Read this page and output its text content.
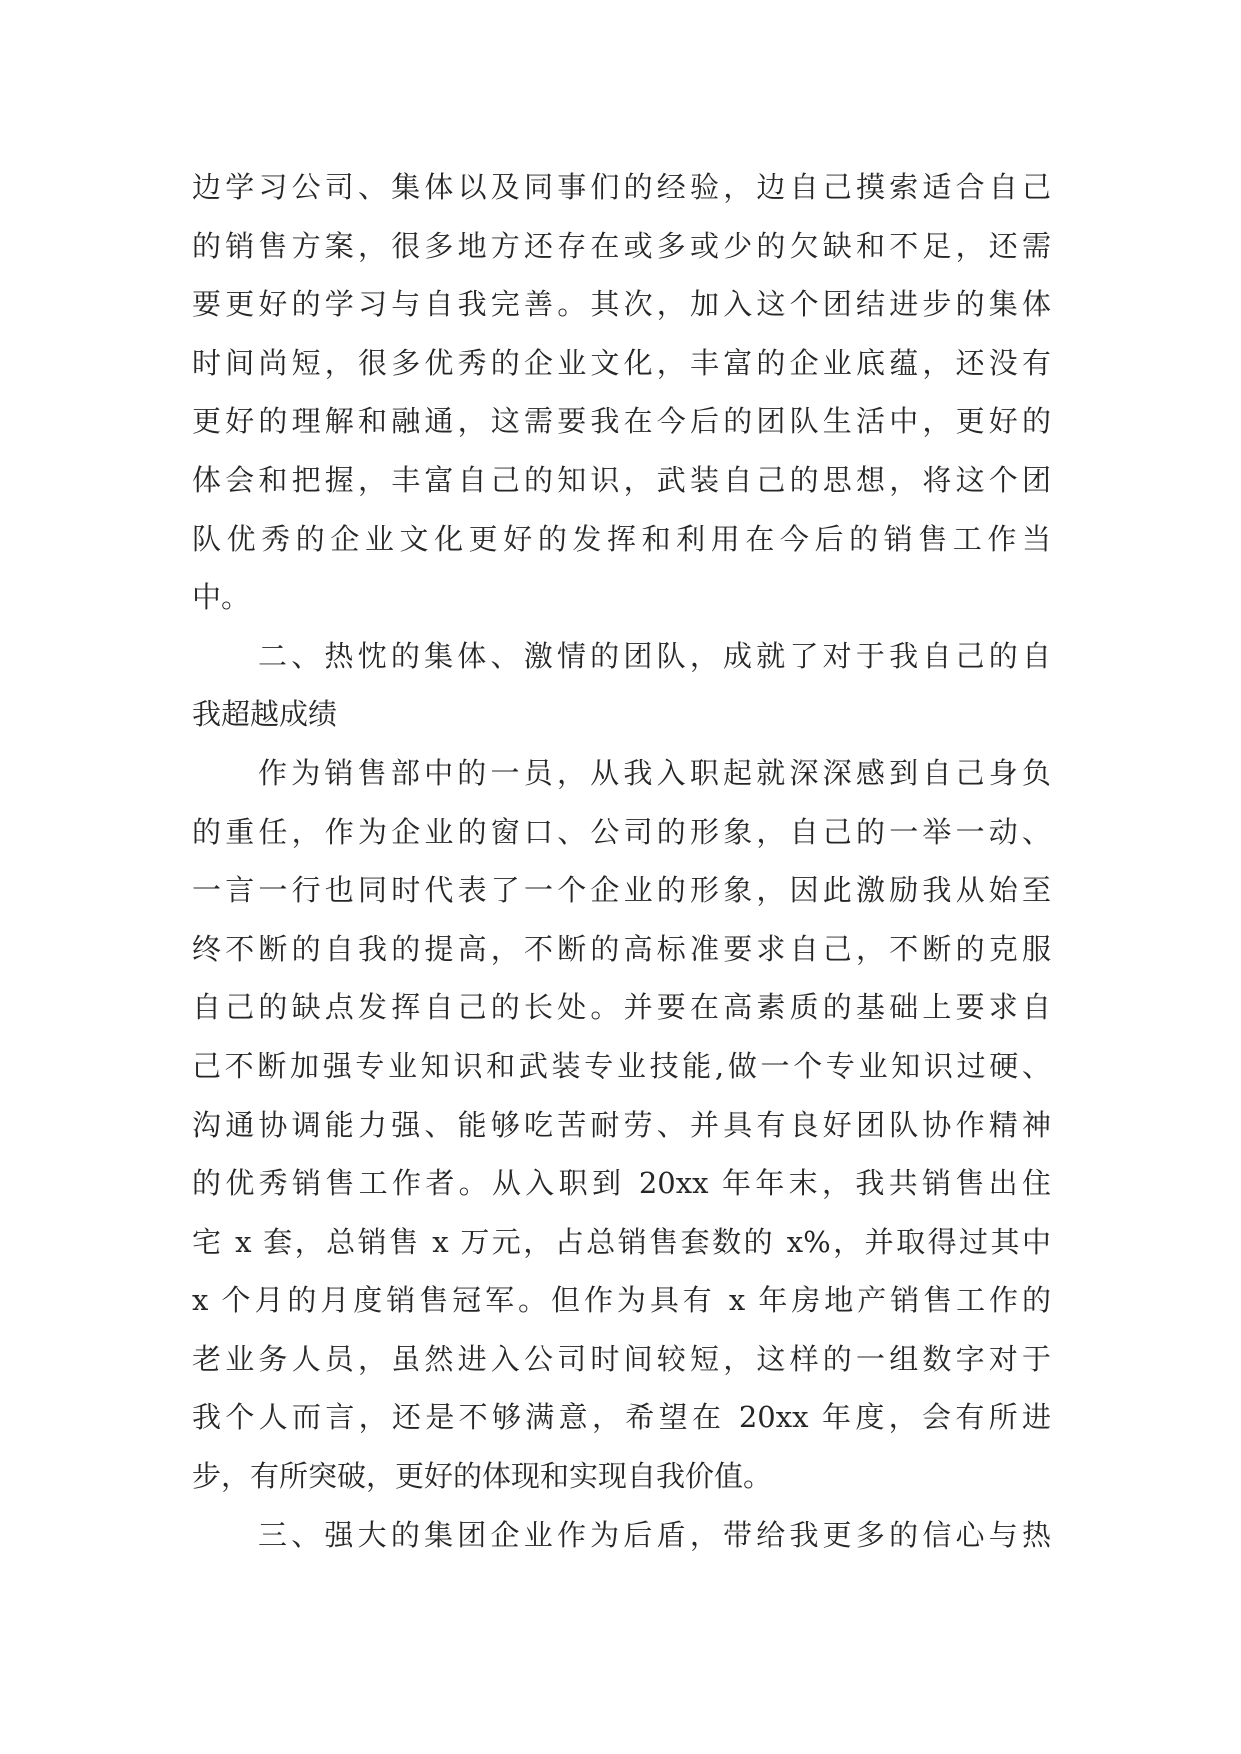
边学习公司、集体以及同事们的经验，边自己摸索适合自己
的销售方案，很多地方还存在或多或少的欠缺和不足，还需
要更好的学习与自我完善。其次，加入这个团结进步的集体
时间尚短，很多优秀的企业文化，丰富的企业底蕴，还没有
更好的理解和融通，这需要我在今后的团队生活中，更好的
体会和把握，丰富自己的知识，武装自己的思想，将这个团
队优秀的企业文化更好的发挥和利用在今后的销售工作当
中。
二、热忱的集体、激情的团队，成就了对于我自己的自
我超越成绩
作为销售部中的一员，从我入职起就深深感到自己身负
的重任，作为企业的窗口、公司的形象，自己的一举一动、
一言一行也同时代表了一个企业的形象，因此激励我从始至
终不断的自我的提高，不断的高标准要求自己，不断的克服
自己的缺点发挥自己的长处。并要在高素质的基础上要求自
己不断加强专业知识和武装专业技能,做一个专业知识过硬、
沟通协调能力强、能够吃苦耐劳、并具有良好团队协作精神
的优秀销售工作者。从入职到 20xx 年年末，我共销售出住
宅 x 套，总销售 x 万元，占总销售套数的 x%，并取得过其中
x 个月的月度销售冠军。但作为具有 x 年房地产销售工作的
老业务人员，虽然进入公司时间较短，这样的一组数字对于
我个人而言，还是不够满意，希望在 20xx 年度，会有所进
步，有所突破，更好的体现和实现自我价值。
三、强大的集团企业作为后盾，带给我更多的信心与热
